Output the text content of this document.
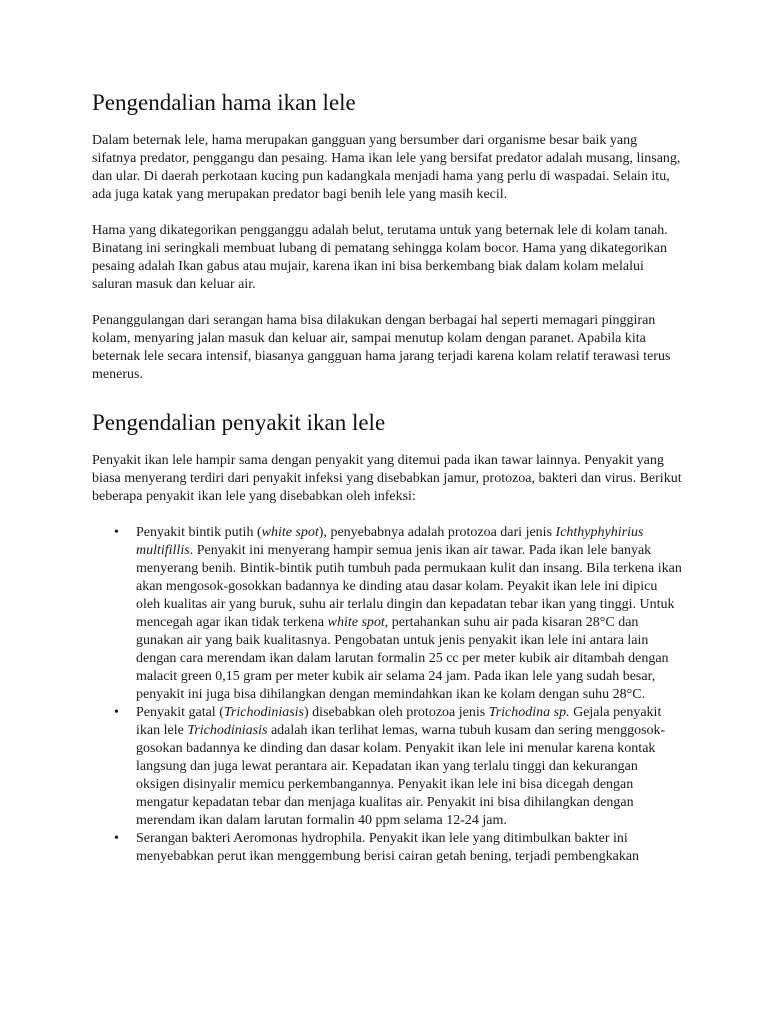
Pengendalian hama ikan lele

Dalam beternak lele, hama merupakan gangguan yang bersumber dari organisme besar baik yang sifatnya predator, penggangu dan pesaing. Hama ikan lele yang bersifat predator adalah musang, linsang, dan ular. Di daerah perkotaan kucing pun kadangkala menjadi hama yang perlu di waspadai. Selain itu, ada juga katak yang merupakan predator bagi benih lele yang masih kecil.

Hama yang dikategorikan pengganggu adalah belut, terutama untuk yang beternak lele di kolam tanah. Binatang ini seringkali membuat lubang di pematang sehingga kolam bocor. Hama yang dikategorikan pesaing adalah Ikan gabus atau mujair, karena ikan ini bisa berkembang biak dalam kolam melalui saluran masuk dan keluar air.

Penanggulangan dari serangan hama bisa dilakukan dengan berbagai hal seperti memagari pinggiran kolam, menyaring jalan masuk dan keluar air, sampai menutup kolam dengan paranet. Apabila kita beternak lele secara intensif, biasanya gangguan hama jarang terjadi karena kolam relatif terawasi terus menerus.

Pengendalian penyakit ikan lele

Penyakit ikan lele hampir sama dengan penyakit yang ditemui pada ikan tawar lainnya. Penyakit yang biasa menyerang terdiri dari penyakit infeksi yang disebabkan jamur, protozoa, bakteri dan virus. Berikut beberapa penyakit ikan lele yang disebabkan oleh infeksi:

• Penyakit bintik putih (white spot), penyebabnya adalah protozoa dari jenis Ichthyphyhirius multifillis. Penyakit ini menyerang hampir semua jenis ikan air tawar. Pada ikan lele banyak menyerang benih. Bintik-bintik putih tumbuh pada permukaan kulit dan insang. Bila terkena ikan akan mengosok-gosokkan badannya ke dinding atau dasar kolam. Peyakit ikan lele ini dipicu oleh kualitas air yang buruk, suhu air terlalu dingin dan kepadatan tebar ikan yang tinggi. Untuk mencegah agar ikan tidak terkena white spot, pertahankan suhu air pada kisaran 28°C dan gunakan air yang baik kualitasnya. Pengobatan untuk jenis penyakit ikan lele ini antara lain dengan cara merendam ikan dalam larutan formalin 25 cc per meter kubik air ditambah dengan malacit green 0,15 gram per meter kubik air selama 24 jam. Pada ikan lele yang sudah besar, penyakit ini juga bisa dihilangkan dengan memindahkan ikan ke kolam dengan suhu 28°C.
• Penyakit gatal (Trichodiniasis) disebabkan oleh protozoa jenis Trichodina sp. Gejala penyakit ikan lele Trichodiniasis adalah ikan terlihat lemas, warna tubuh kusam dan sering menggosok-gosokan badannya ke dinding dan dasar kolam. Penyakit ikan lele ini menular karena kontak langsung dan juga lewat perantara air. Kepadatan ikan yang terlalu tinggi dan kekurangan oksigen disinyalir memicu perkembangannya. Penyakit ikan lele ini bisa dicegah dengan mengatur kepadatan tebar dan menjaga kualitas air. Penyakit ini bisa dihilangkan dengan merendam ikan dalam larutan formalin 40 ppm selama 12-24 jam.
• Serangan bakteri Aeromonas hydrophila. Penyakit ikan lele yang ditimbulkan bakter ini menyebabkan perut ikan menggembung berisi cairan getah bening, terjadi pembengkakan
